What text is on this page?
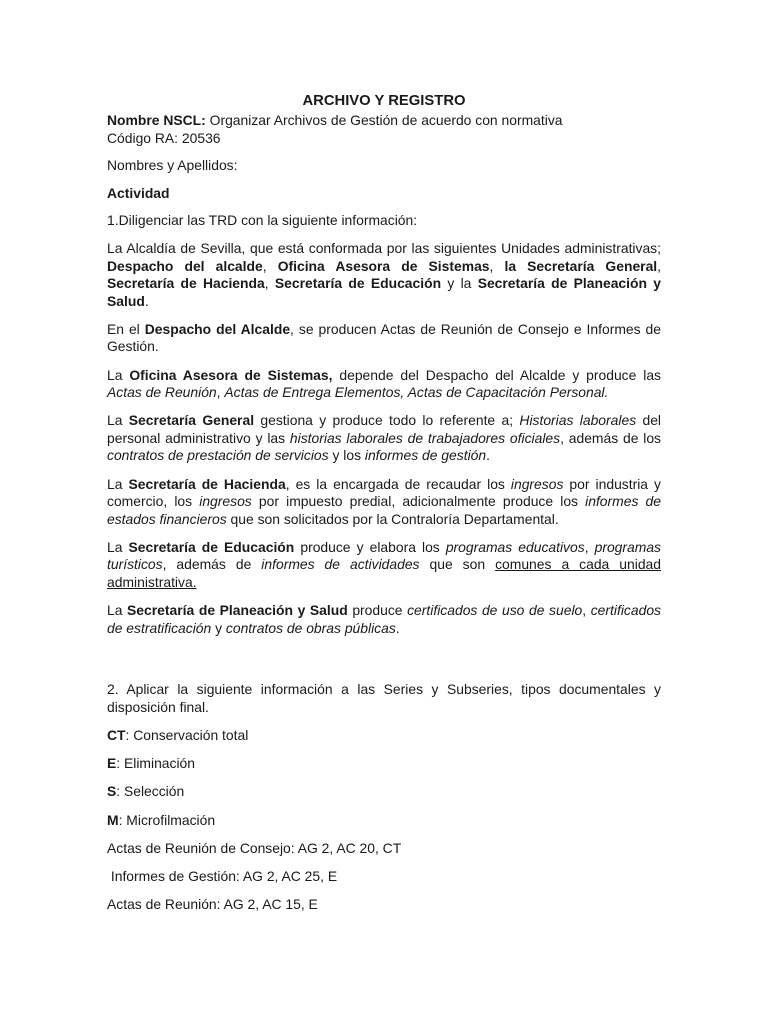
ARCHIVO Y REGISTRO

Nombre NSCL: Organizar Archivos de Gestión de acuerdo con normativa

Código RA: 20536

Nombres y Apellidos:

Actividad

1.Diligenciar las TRD con la siguiente información:

La Alcaldía de Sevilla, que está conformada por las siguientes Unidades administrativas; Despacho del alcalde, Oficina Asesora de Sistemas, la Secretaría General, Secretaría de Hacienda, Secretaría de Educación y la Secretaría de Planeación y Salud.

En el Despacho del Alcalde, se producen Actas de Reunión de Consejo e Informes de Gestión.

La Oficina Asesora de Sistemas, depende del Despacho del Alcalde y produce las Actas de Reunión, Actas de Entrega Elementos, Actas de Capacitación Personal.

La Secretaría General gestiona y produce todo lo referente a; Historias laborales del personal administrativo y las historias laborales de trabajadores oficiales, además de los contratos de prestación de servicios y los informes de gestión.

La Secretaría de Hacienda, es la encargada de recaudar los ingresos por industria y comercio, los ingresos por impuesto predial, adicionalmente produce los informes de estados financieros que son solicitados por la Contraloría Departamental.

La Secretaría de Educación produce y elabora los programas educativos, programas turísticos, además de informes de actividades que son comunes a cada unidad administrativa.

La Secretaría de Planeación y Salud produce certificados de uso de suelo, certificados de estratificación y contratos de obras públicas.

2. Aplicar la siguiente información a las Series y Subseries, tipos documentales y disposición final.

CT: Conservación total

E: Eliminación

S: Selección

M: Microfilmación

Actas de Reunión de Consejo: AG 2, AC 20, CT

Informes de Gestión: AG 2, AC 25, E

Actas de Reunión: AG 2, AC 15, E
